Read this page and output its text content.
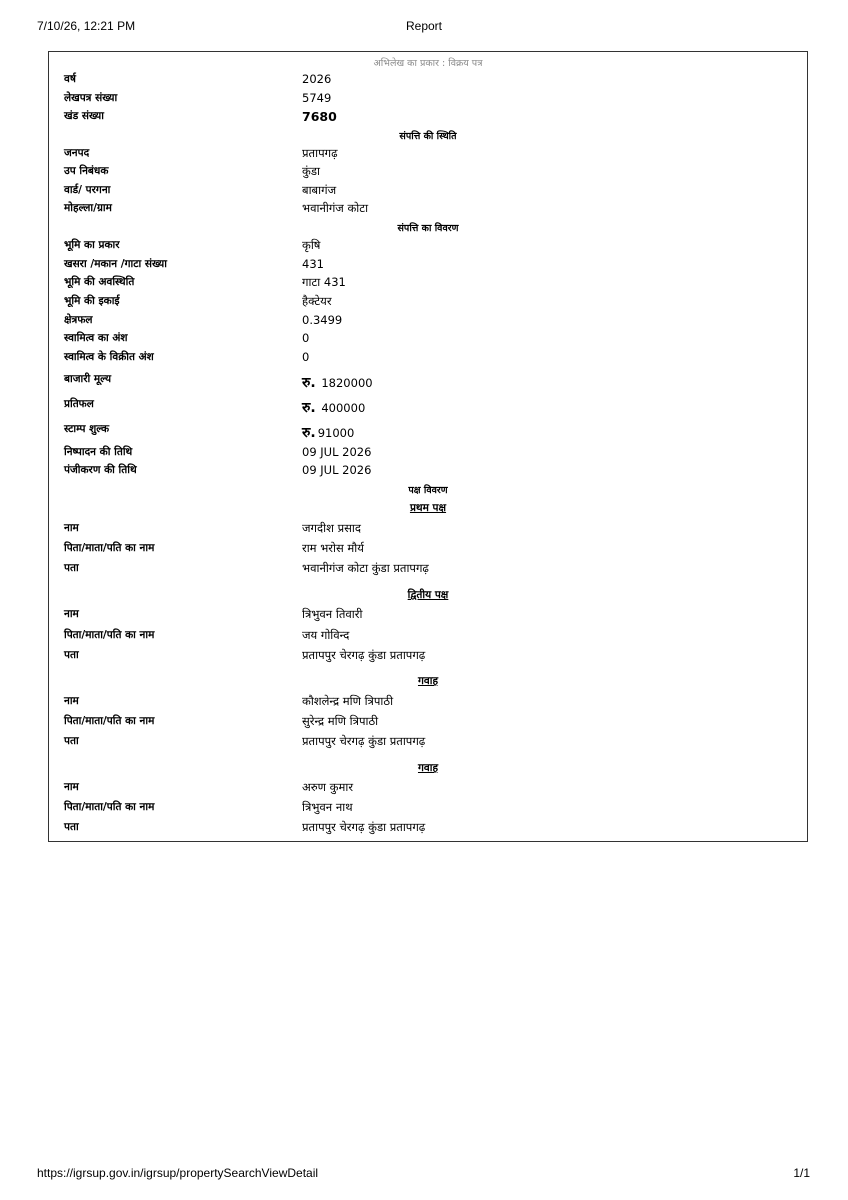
7/10/26, 12:21 PM	Report
अभिलेख का प्रकार : विक्रय पत्र
वर्ष	2026
लेखपत्र संख्या	5749
खंड संख्या	7680
संपत्ति की स्थिति
जनपद	प्रतापगढ़
उप निबंधक	कुंडा
वार्ड/ परगना	बाबागंज
मोहल्ला/ग्राम	भवानीगंज कोटा
संपत्ति का विवरण
भूमि का प्रकार	कृषि
खसरा /मकान /गाटा संख्या	431
भूमि की अवस्थिति	गाटा 431
भूमि की इकाई	हैक्टेयर
क्षेत्रफल	0.3499
स्वामित्व का अंश	0
स्वामित्व के विक्रीत अंश	0
बाजारी मूल्य	रु. 1820000
प्रतिफल	रु. 400000
स्टाम्प शुल्क	रु. 91000
निष्पादन की तिथि	09 JUL 2026
पंजीकरण की तिथि	09 JUL 2026
पक्ष विवरण
प्रथम पक्ष
नाम	जगदीश प्रसाद
पिता/माता/पति का नाम	राम भरोस मौर्य
पता	भवानीगंज कोटा कुंडा प्रतापगढ़
द्वितीय पक्ष
नाम	त्रिभुवन तिवारी
पिता/माता/पति का नाम	जय गोविन्द
पता	प्रतापपुर चेरगढ़ कुंडा प्रतापगढ़
गवाह
नाम	कौशलेन्द्र मणि त्रिपाठी
पिता/माता/पति का नाम	सुरेन्द्र मणि त्रिपाठी
पता	प्रतापपुर चेरगढ़ कुंडा प्रतापगढ़
गवाह
नाम	अरुण कुमार
पिता/माता/पति का नाम	त्रिभुवन नाथ
पता	प्रतापपुर चेरगढ़ कुंडा प्रतापगढ़
https://igrsup.gov.in/igrsup/propertySearchViewDetail	1/1
